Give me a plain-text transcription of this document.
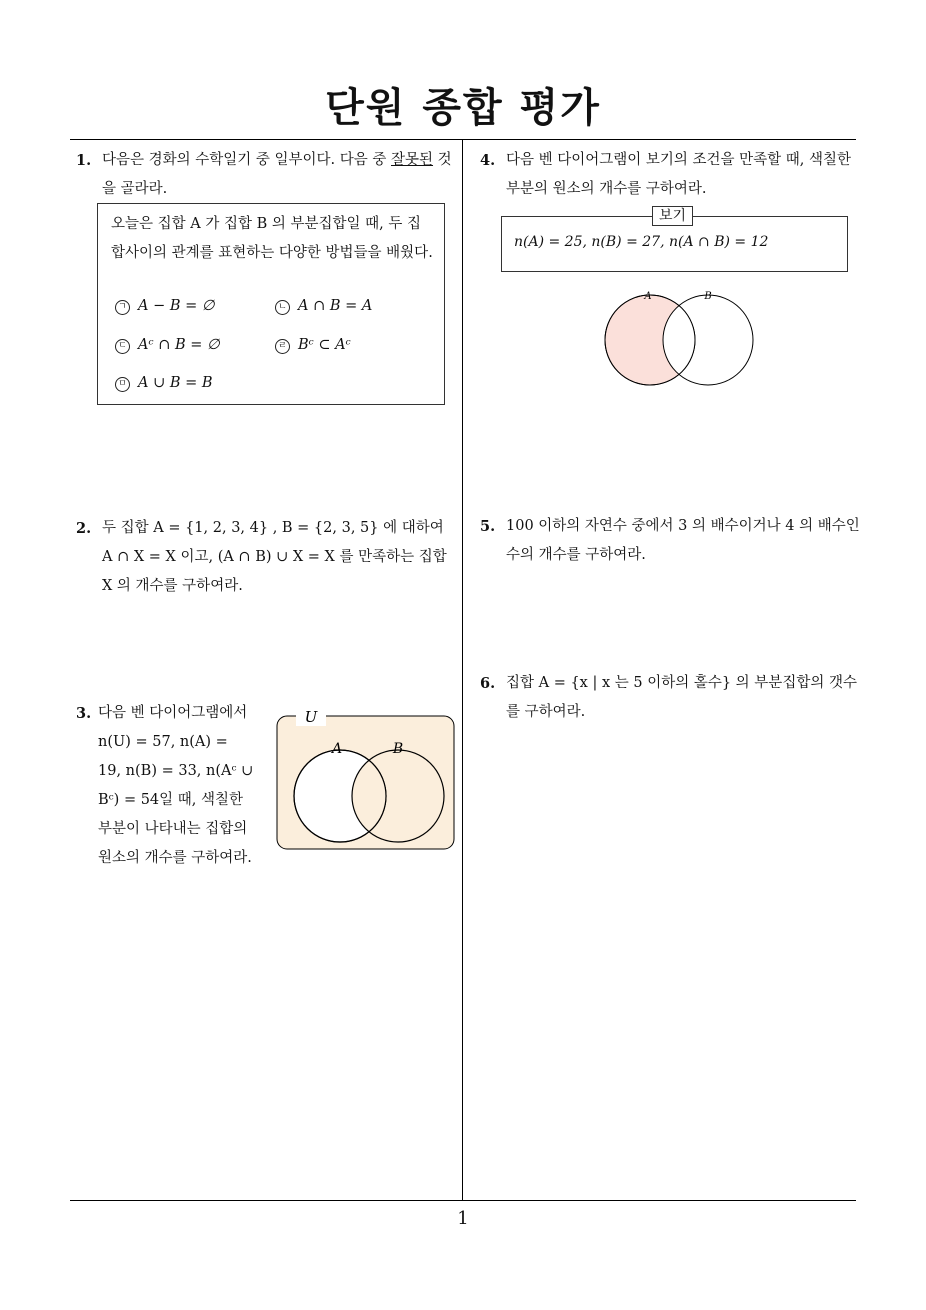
단원 종합 평가
1. 다음은 경화의 수학일기 중 일부이다. 다음 중 잘못된 것을 골라라.
오늘은 집합 A 가 집합 B 의 부분집합일 때, 두 집합사이의 관계를 표현하는 다양한 방법들을 배웠다.
ㄱ A − B = ∅	ㄴ A ∩ B = A
ㄷ Aᶜ ∩ B = ∅	ㄹ Bᶜ ⊂ Aᶜ
ㅁ A ∪ B = B
2. 두 집합 A = {1, 2, 3, 4} , B = {2, 3, 5} 에 대하여
A ∩ X = X 이고, (A ∩ B) ∪ X = X 를 만족하는 집합
X 의 개수를 구하여라.
3. 다음 벤 다이어그램에서
n(U) = 57, n(A) =
19, n(B) = 33, n(Aᶜ ∪
Bᶜ) = 54일 때, 색칠한
부분이 나타내는 집합의
원소의 개수를 구하여라.
U
A	B
4. 다음 벤 다이어그램이 보기의 조건을 만족할 때, 색칠한
부분의 원소의 개수를 구하여라.
n(A) = 25, n(B) = 27, n(A ∩ B) = 12
보기
A	B
5. 100 이하의 자연수 중에서 3 의 배수이거나 4 의 배수인
수의 개수를 구하여라.
6. 집합 A = {x | x 는 5 이하의 홀수} 의 부분집합의 갯수
를 구하여라.
1
